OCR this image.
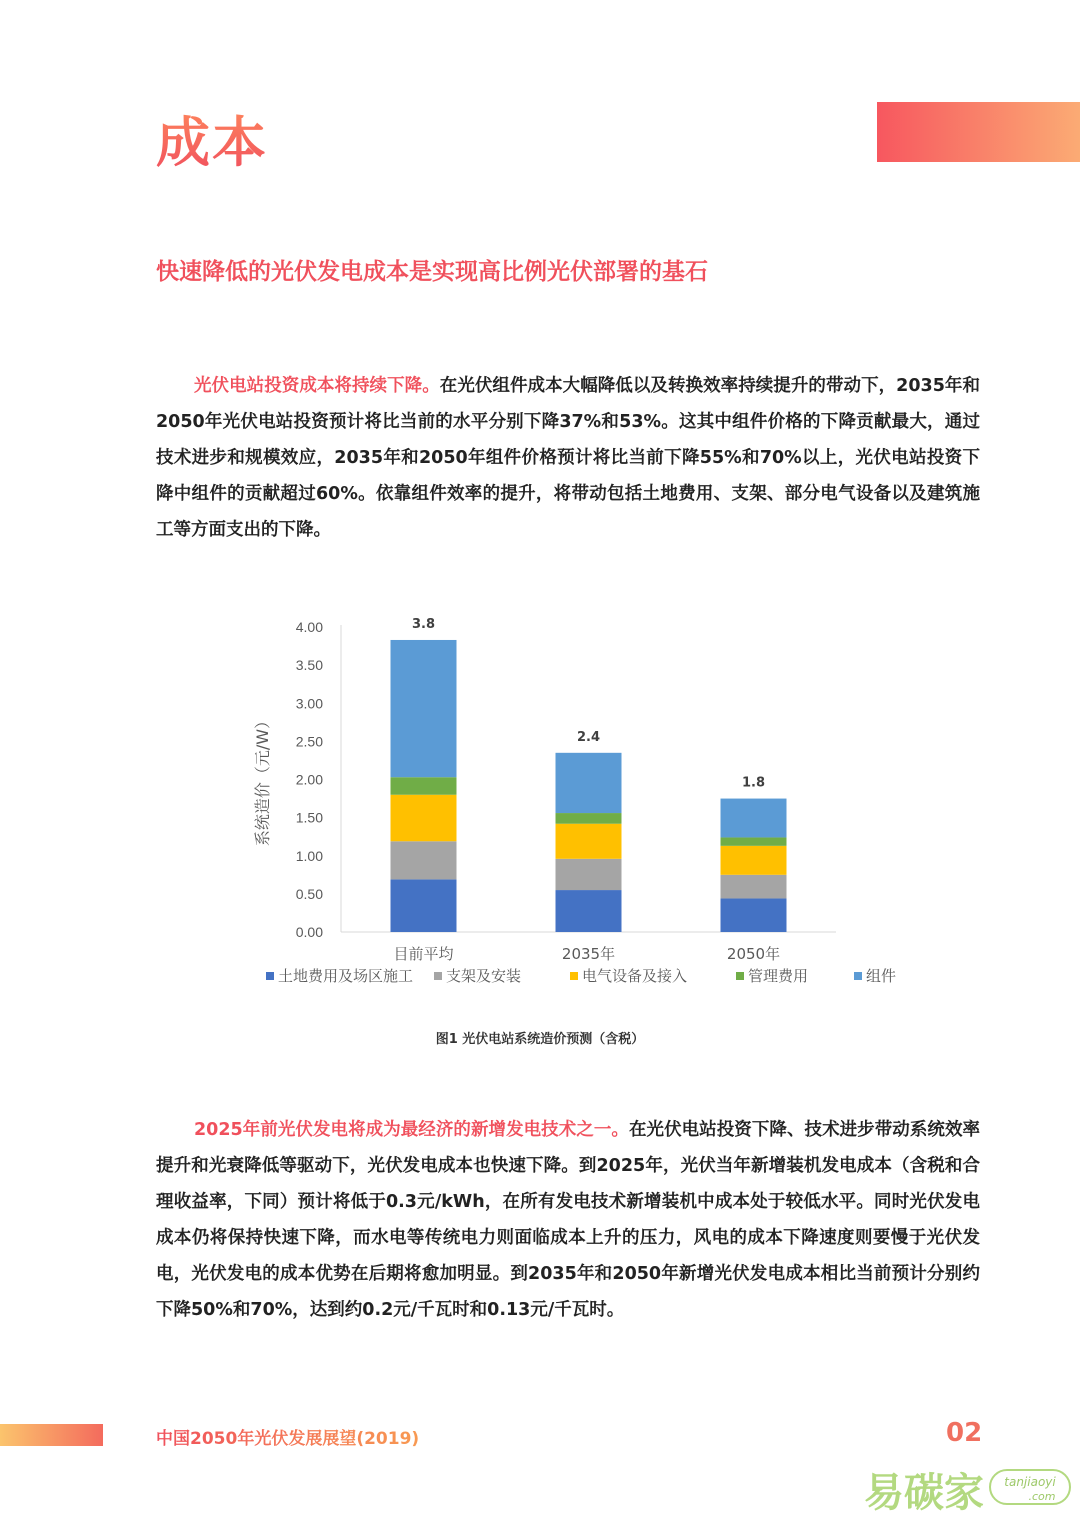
成本
快速降低的光伏发电成本是实现高比例光伏部署的基石
光伏电站投资成本将持续下降。在光伏组件成本大幅降低以及转换效率持续提升的带动下，2035年和2050年光伏电站投资预计将比当前的水平分别下降37%和53%。这其中组件价格的下降贡献最大，通过技术进步和规模效应，2035年和2050年组件价格预计将比当前下降55%和70%以上，光伏电站投资下降中组件的贡献超过60%。依靠组件效率的提升，将带动包括土地费用、支架、部分电气设备以及建筑施工等方面支出的下降。
0.00
0.50
1.00
1.50
2.00
2.50
3.00
3.50
4.00
系统造价（元/W）
3.8
目前平均
2.4
2035年
1.8
2050年
土地费用及场区施工 支架及安装	电气设备及接入	管理费用	组件
图1 光伏电站系统造价预测（含税）
2025年前光伏发电将成为最经济的新增发电技术之一。在光伏电站投资下降、技术进步带动系统效率提升和光衰降低等驱动下，光伏发电成本也快速下降。到2025年，光伏当年新增装机发电成本（含税和合理收益率，下同）预计将低于0.3元/kWh，在所有发电技术新增装机中成本处于较低水平。同时光伏发电成本仍将保持快速下降，而水电等传统电力则面临成本上升的压力，风电的成本下降速度则要慢于光伏发电，光伏发电的成本优势在后期将愈加明显。到2035年和2050年新增光伏发电成本相比当前预计分别约下降50%和70%，达到约0.2元/千瓦时和0.13元/千瓦时。
中国2050年光伏发展展望(2019)	02
易碳家 tanjiaoyi
.com
